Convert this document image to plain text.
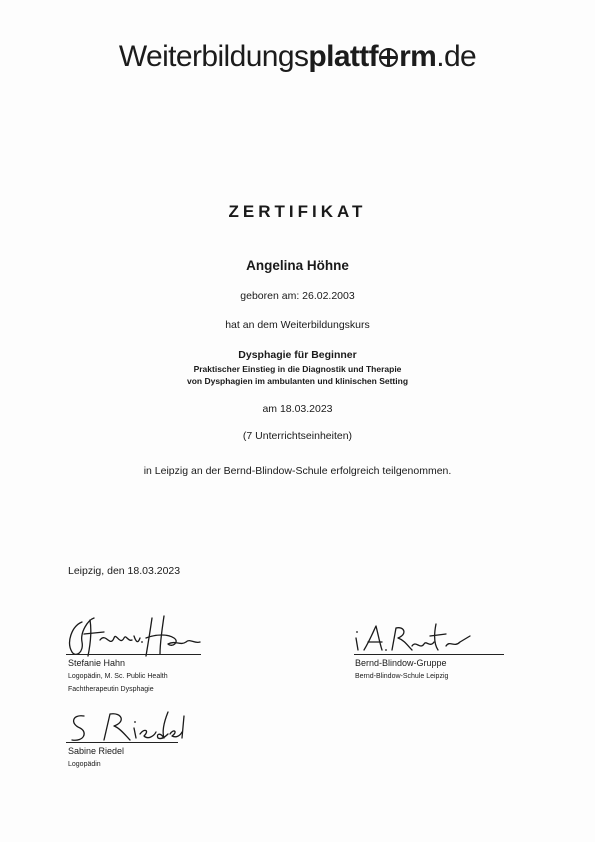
Weiterbildungsplattf rm.de
ZERTIFIKAT
Angelina Höhne
geboren am: 26.02.2003
hat an dem Weiterbildungskurs
Dysphagie für Beginner
Praktischer Einstieg in die Diagnostik und Therapie
von Dysphagien im ambulanten und klinischen Setting
am 18.03.2023
(7 Unterrichtseinheiten)
in Leipzig an der Bernd-Blindow-Schule erfolgreich teilgenommen.
Leipzig, den 18.03.2023
Stefanie Hahn
Logopädin, M. Sc. Public Health
Fachtherapeutin Dysphagie
Bernd-Blindow-Gruppe
Bernd-Blindow-Schule Leipzig
Sabine Riedel
Logopädin
